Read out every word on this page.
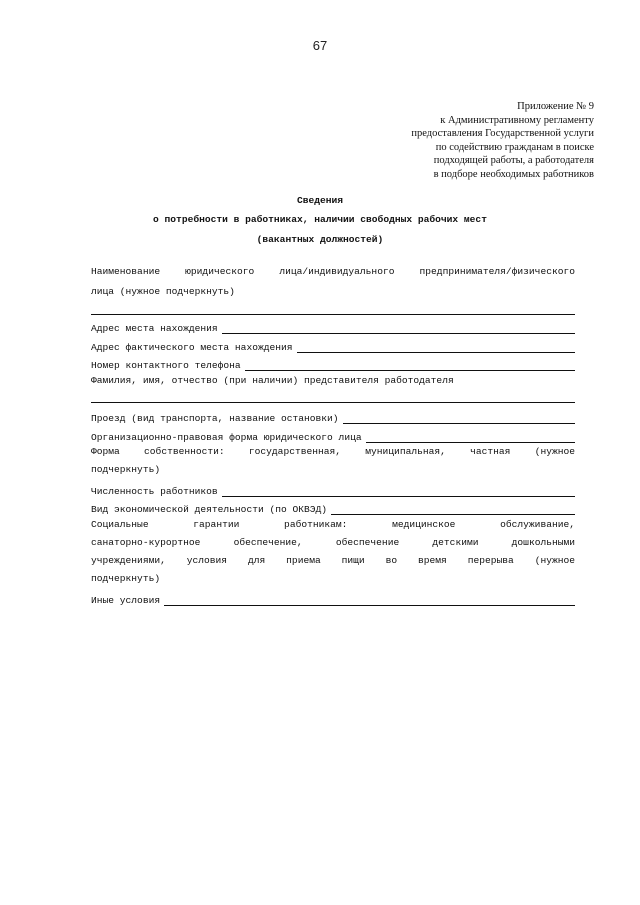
67
Приложение № 9
к Административному регламенту
предоставления Государственной услуги
по содействию гражданам в поиске
подходящей работы, а работодателя
в подборе необходимых работников
Сведения
о потребности в работниках, наличии свободных рабочих мест
(вакантных должностей)
Наименование юридического лица/индивидуального предпринимателя/физического
лица (нужное подчеркнуть)
Адрес места нахождения
Адрес фактического места нахождения
Номер контактного телефона
Фамилия, имя, отчество (при наличии) представителя работодателя
Проезд (вид транспорта, название остановки)
Организационно-правовая форма юридического лица
Форма собственности: государственная, муниципальная, частная (нужное
подчеркнуть)
Численность работников
Вид экономической деятельности (по ОКВЭД)
Социальные гарантии работникам: медицинское обслуживание,
санаторно-курортное обеспечение, обеспечение детскими дошкольными
учреждениями, условия для приема пищи во время перерыва (нужное
подчеркнуть)
Иные условия
